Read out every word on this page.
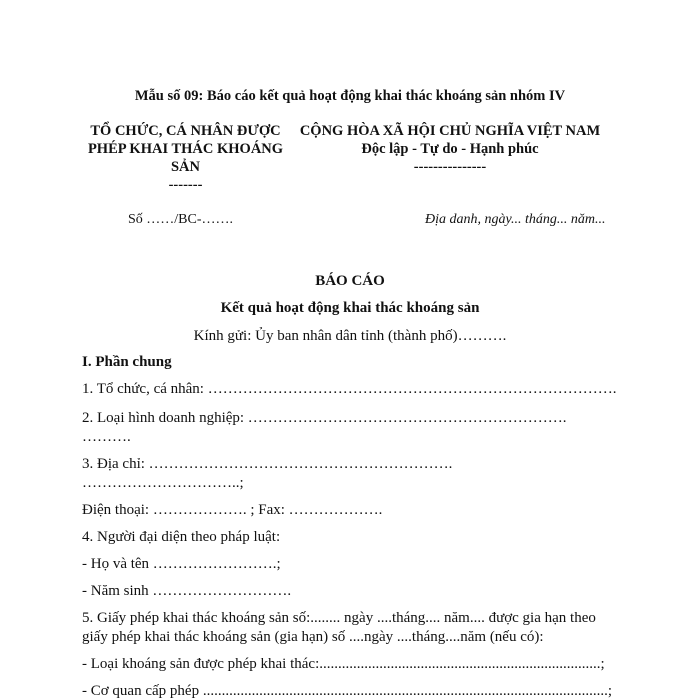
Mẫu số 09: Báo cáo kết quả hoạt động khai thác khoáng sản nhóm IV
TỔ CHỨC, CÁ NHÂN ĐƯỢC PHÉP KHAI THÁC KHOÁNG SẢN
-------
CỘNG HÒA XÃ HỘI CHỦ NGHĨA VIỆT NAM
Độc lập - Tự do - Hạnh phúc
---------------
Số ……/BC-…….	Địa danh, ngày... tháng... năm...
BÁO CÁO
Kết quả hoạt động khai thác khoáng sản
Kính gửi: Ủy ban nhân dân tỉnh (thành phố)……….
I. Phần chung
1. Tổ chức, cá nhân: ……………………………………………………………………….
2. Loại hình doanh nghiệp: ……………………………………………………….
……….
3. Địa chỉ: …………………………………………………….
…………………………..;
Điện thoại: ………………. ; Fax: ……………….
4. Người đại diện theo pháp luật:
- Họ và tên …………………….;
- Năm sinh ……………………….
5. Giấy phép khai thác khoáng sản số:........ ngày ....tháng.... năm.... được gia hạn theo
giấy phép khai thác khoáng sản (gia hạn) số ....ngày ....tháng....năm (nếu có):
- Loại khoáng sản được phép khai thác:...........................................................................;
- Cơ quan cấp phép ............................................................................................................;
